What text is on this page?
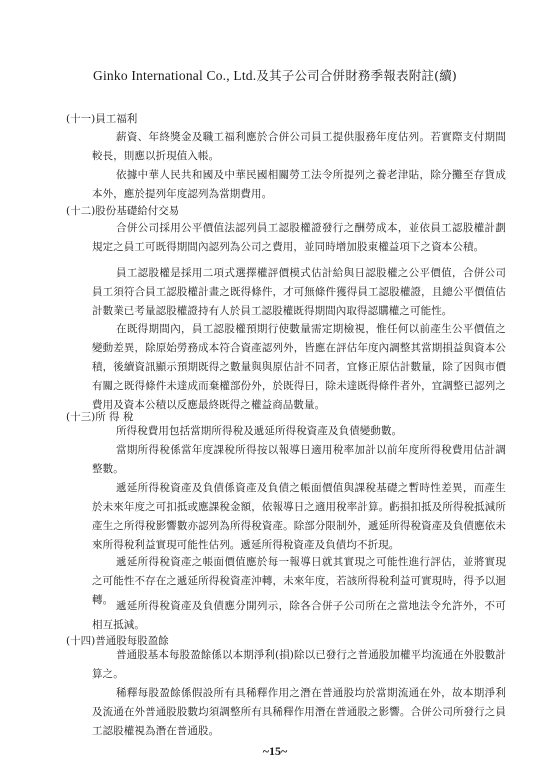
Ginko International Co., Ltd.及其子公司合併財務季報表附註(續)
(十一)員工福利
薪資、年終獎金及職工福利應於合併公司員工提供服務年度估列。若實際支付期間較長，則應以折現值入帳。
依據中華人民共和國及中華民國相關勞工法令所提列之養老津貼，除分攤至存貨成本外，應於提列年度認列為當期費用。
(十二)股份基礎給付交易
合併公司採用公平價值法認列員工認股權證發行之酬勞成本，並依員工認股權計劃規定之員工可既得期間內認列為公司之費用，並同時增加股東權益項下之資本公積。
員工認股權是採用二項式選擇權評價模式估計給與日認股權之公平價值，合併公司員工須符合員工認股權計畫之既得條件，才可無條件獲得員工認股權證，且總公平價值估計數業已考量認股權證持有人於員工認股權既得期間內取得認購權之可能性。
在既得期間內，員工認股權預期行使數量需定期檢視，惟任何以前產生公平價值之變動差異，除原始勞務成本符合資產認列外，皆應在評估年度內調整其當期損益與資本公積，後續資訊顯示預期既得之數量與與原估計不同者，宜修正原估計數量，除了因與市價有關之既得條件未達成而棄權部份外，於既得日，除未達既得條件者外，宜調整已認列之費用及資本公積以反應最終既得之權益商品數量。
(十三)所 得 稅
所得稅費用包括當期所得稅及遞延所得稅資產及負債變動數。
當期所得稅係當年度課稅所得按以報導日適用稅率加計以前年度所得稅費用估計調整數。
遞延所得稅資產及負債係資產及負債之帳面價值與課稅基礎之暫時性差異，而產生於未來年度之可扣抵或應課稅金額，依報導日之適用稅率計算。虧損扣抵及所得稅抵減所產生之所得稅影響數亦認列為所得稅資產。除部分限制外，遞延所得稅資產及負債應依未來所得稅利益實現可能性估列。遞延所得稅資產及負債均不折現。
遞延所得稅資產之帳面價值應於每一報導日就其實現之可能性進行評估，並將實現之可能性不存在之遞延所得稅資產沖轉，未來年度，若該所得稅利益可實現時，得予以迴轉。 遞延所得稅資產及負債應分開列示，除各合併子公司所在之當地法令允許外，不可相互抵減。
(十四)普通股每股盈餘
普通股基本每股盈餘係以本期淨利(損)除以已發行之普通股加權平均流通在外股數計算之。
稀釋每股盈餘係假設所有具稀釋作用之潛在普通股均於當期流通在外，故本期淨利及流通在外普通股股數均須調整所有具稀釋作用潛在普通股之影響。合併公司所發行之員工認股權視為潛在普通股。
~15~
